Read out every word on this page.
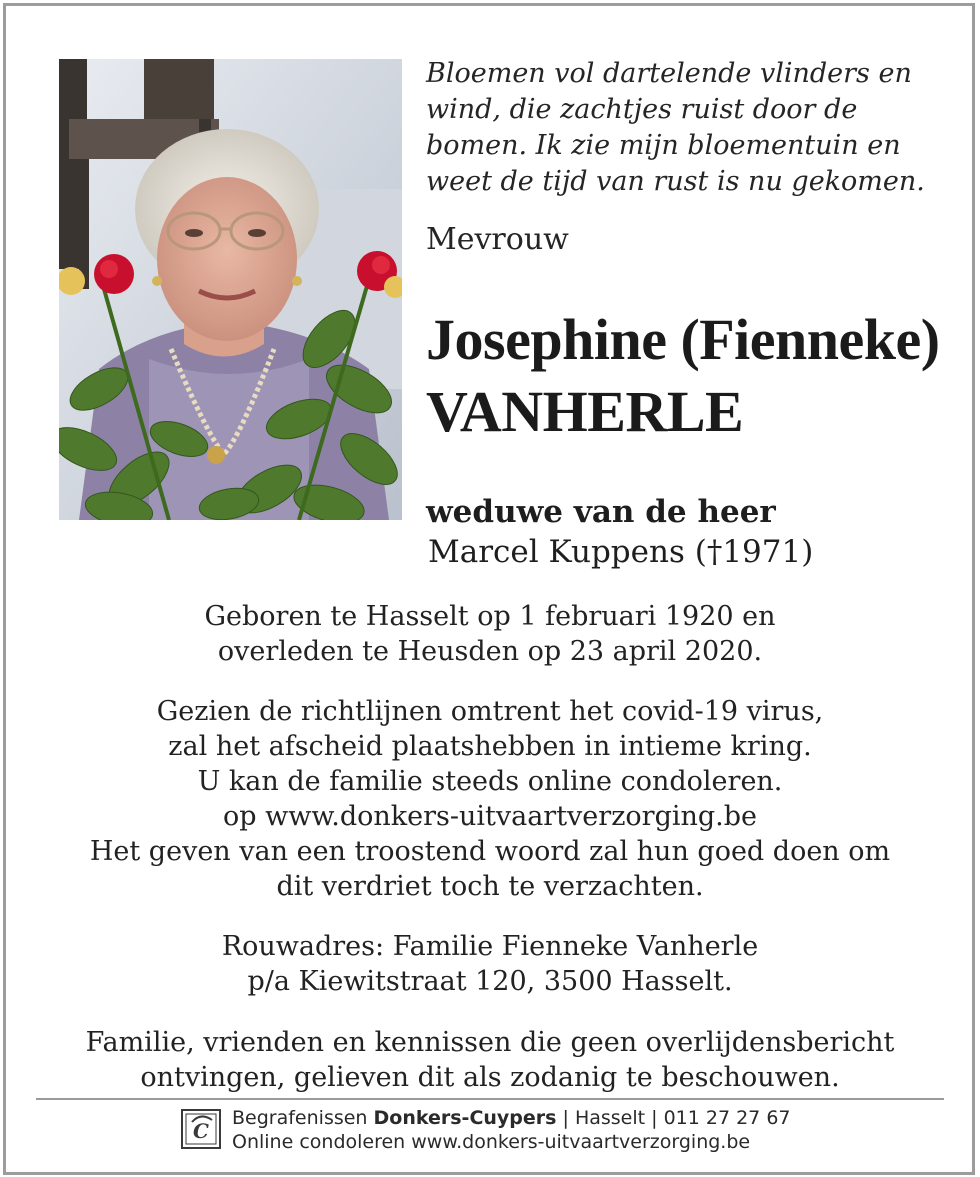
Bloemen vol dartelende vlinders en
wind, die zachtjes ruist door de
bomen. Ik zie mijn bloementuin en
weet de tijd van rust is nu gekomen.
Mevrouw
Josephine (Fienneke)
VANHERLE
weduwe van de heer
Marcel Kuppens (†1971)
Geboren te Hasselt op 1 februari 1920 en
overleden te Heusden op 23 april 2020.
Gezien de richtlijnen omtrent het covid-19 virus,
zal het afscheid plaatshebben in intieme kring.
U kan de familie steeds online condoleren.
op www.donkers-uitvaartverzorging.be
Het geven van een troostend woord zal hun goed doen om
dit verdriet toch te verzachten.
Rouwadres: Familie Fienneke Vanherle
p/a Kiewitstraat 120, 3500 Hasselt.
Familie, vrienden en kennissen die geen overlijdensbericht
ontvingen, gelieven dit als zodanig te beschouwen.
C
Begrafenissen Donkers-Cuypers | Hasselt | 011 27 27 67
Online condoleren www.donkers-uitvaartverzorging.be
